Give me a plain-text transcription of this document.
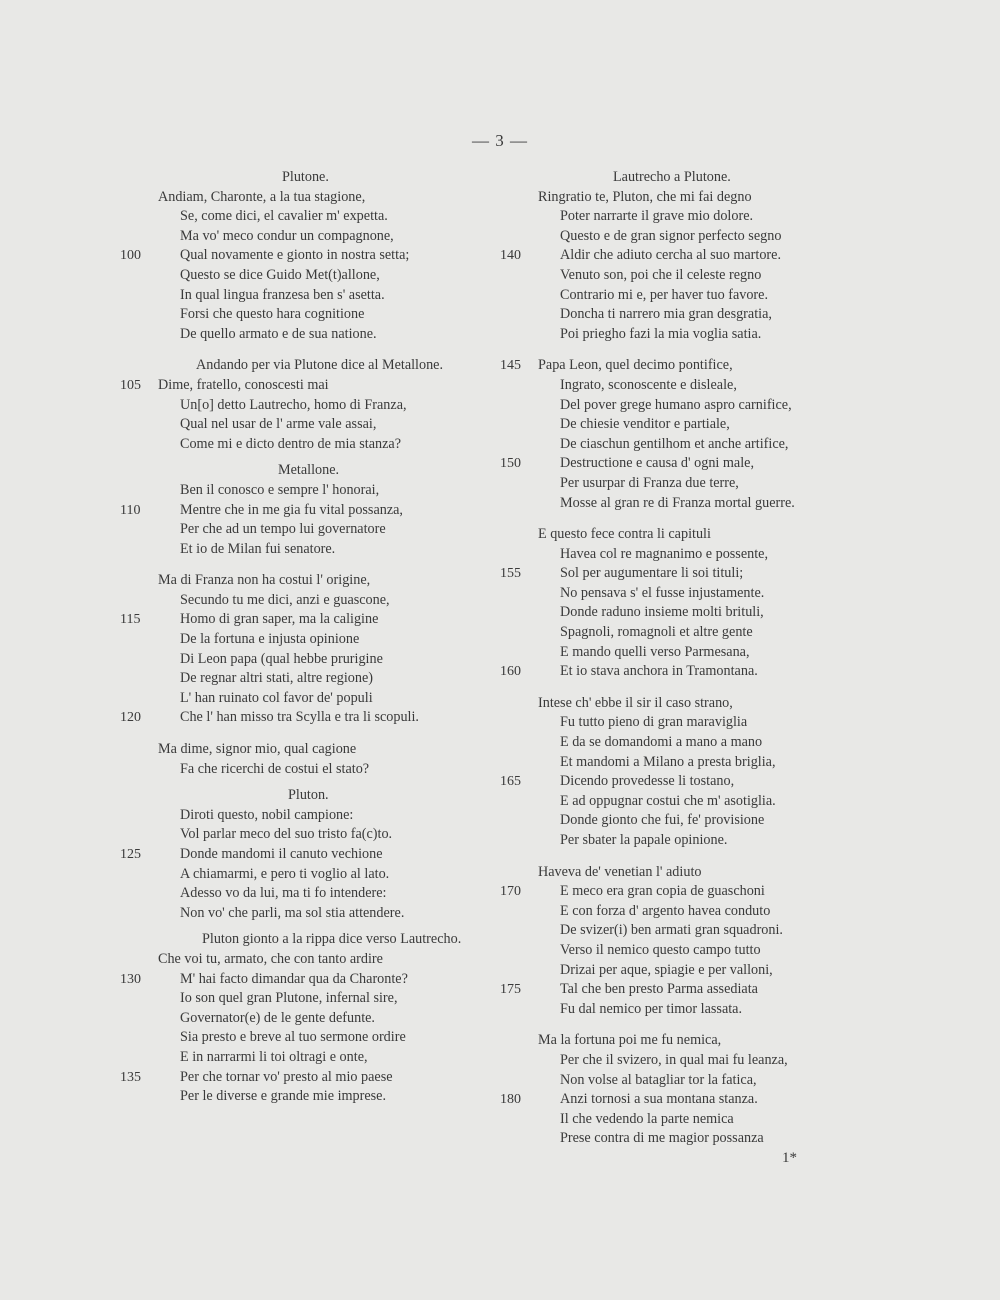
— 3 —
Plutone.
Andiam, Charonte, a la tua stagione,
Se, come dici, el cavalier m' expetta.
Ma vo' meco condur un compagnone,
100	Qual novamente e gionto in nostra setta;
Questo se dice Guido Met(t)allone,
In qual lingua franzesa ben s' asetta.
Forsi che questo hara cognitione
De quello armato e de sua natione.
Andando per via Plutone dice al Metallone.
105	Dime, fratello, conoscesti mai
Un[o] detto Lautrecho, homo di Franza,
Qual nel usar de l' arme vale assai,
Come mi e dicto dentro de mia stanza?
Metallone.
Ben il conosco e sempre l' honorai,
110	Mentre che in me gia fu vital possanza,
Per che ad un tempo lui governatore
Et io de Milan fui senatore.
Ma di Franza non ha costui l' origine,
Secundo tu me dici, anzi e guascone,
115	Homo di gran saper, ma la caligine
De la fortuna e injusta opinione
Di Leon papa (qual hebbe prurigine
De regnar altri stati, altre regione)
L' han ruinato col favor de' populi
120	Che l' han misso tra Scylla e tra li scopuli.
Ma dime, signor mio, qual cagione
Fa che ricerchi de costui el stato?
Pluton.
Diroti questo, nobil campione:
Vol parlar meco del suo tristo fa(c)to.
125	Donde mandomi il canuto vechione
A chiamarmi, e pero ti voglio al lato.
Adesso vo da lui, ma ti fo intendere:
Non vo' che parli, ma sol stia attendere.
Pluton gionto a la rippa dice verso Lautrecho.
Che voi tu, armato, che con tanto ardire
130	M' hai facto dimandar qua da Charonte?
Io son quel gran Plutone, infernal sire,
Governator(e) de le gente defunte.
Sia presto e breve al tuo sermone ordire
E in narrarmi li toi oltragi e onte,
135	Per che tornar vo' presto al mio paese
Per le diverse e grande mie imprese.
Lautrecho a Plutone.
Ringratio te, Pluton, che mi fai degno
Poter narrarte il grave mio dolore.
Questo e de gran signor perfecto segno
140	Aldir che adiuto cercha al suo martore.
Venuto son, poi che il celeste regno
Contrario mi e, per haver tuo favore.
Doncha ti narrero mia gran desgratia,
Poi prieghо fazi la mia voglia satia.
145	Papa Leon, quel decimo pontifice,
Ingrato, sconoscente e disleale,
Del pover grege humano aspro carnifice,
De chiesie venditor e partiale,
De ciaschun gentilhom et anche artifice,
150	Destructione e causa d' ogni male,
Per usurpar di Franza due terre,
Mosse al gran re di Franza mortal guerre.
E questo fece contra li capituli
Havea col re magnanimo e possente,
155	Sol per augumentare li soi tituli;
No pensava s' el fusse injustamente.
Donde raduno insieme molti brituli,
Spagnoli, romagnoli et altre gente
E mando quelli verso Parmesana,
160	Et io stava anchora in Tramontana.
Intese ch' ebbe il sir il caso strano,
Fu tutto pieno di gran maraviglia
E da se domandomi a mano a mano
Et mandomi a Milano a presta briglia,
165	Dicendo provedesse li tostano,
E ad oppugnar costui che m' asotiglia.
Donde gionto che fui, fe' provisione
Per sbater la papale opinione.
Haveva de' venetian l' adiuto
170	E meco era gran copia de guaschoni
E con forza d' argento havea conduto
De svizer(i) ben armati gran squadroni.
Verso il nemico questo campo tutto
Drizai per aque, spiagie e per valloni,
175	Tal che ben presto Parma assediata
Fu dal nemico per timor lassata.
Ma la fortuna poi me fu nemica,
Per che il svizero, in qual mai fu leanza,
Non volse al batagliar tor la fatica,
180	Anzi tornosi a sua montana stanza.
Il che vedendo la parte nemica
Prese contra di me magior possanza
1*
